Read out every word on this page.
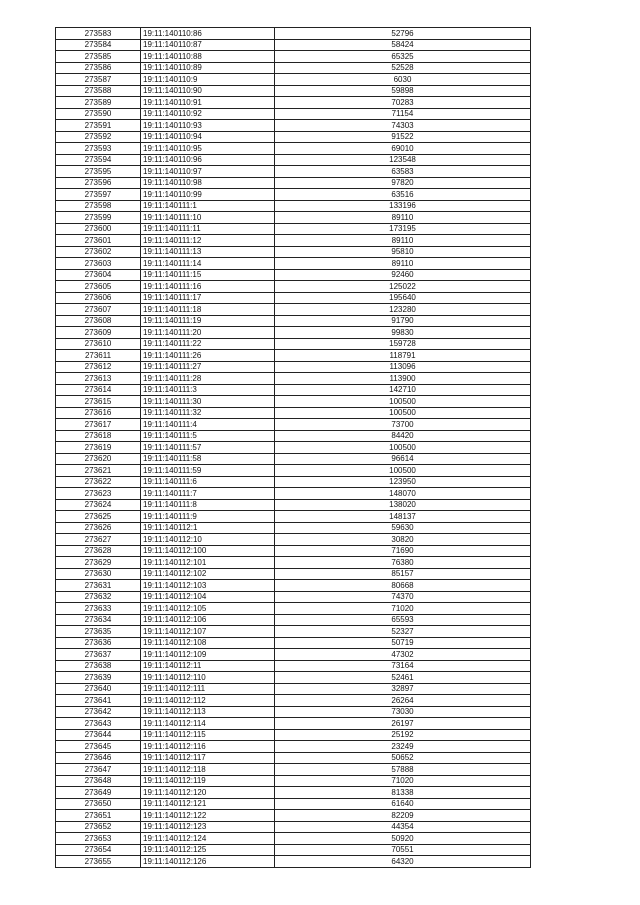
273583	19:11:140110:86	52796
273584	19:11:140110:87	58424
273585	19:11:140110:88	65325
273586	19:11:140110:89	52528
273587	19:11:140110:9	6030
273588	19:11:140110:90	59898
273589	19:11:140110:91	70283
273590	19:11:140110:92	71154
273591	19:11:140110:93	74303
273592	19:11:140110:94	91522
273593	19:11:140110:95	69010
273594	19:11:140110:96	123548
273595	19:11:140110:97	63583
273596	19:11:140110:98	97820
273597	19:11:140110:99	63516
273598	19:11:140111:1	133196
273599	19:11:140111:10	89110
273600	19:11:140111:11	173195
273601	19:11:140111:12	89110
273602	19:11:140111:13	95810
273603	19:11:140111:14	89110
273604	19:11:140111:15	92460
273605	19:11:140111:16	125022
273606	19:11:140111:17	195640
273607	19:11:140111:18	123280
273608	19:11:140111:19	91790
273609	19:11:140111:20	99830
273610	19:11:140111:22	159728
273611	19:11:140111:26	118791
273612	19:11:140111:27	113096
273613	19:11:140111:28	113900
273614	19:11:140111:3	142710
273615	19:11:140111:30	100500
273616	19:11:140111:32	100500
273617	19:11:140111:4	73700
273618	19:11:140111:5	84420
273619	19:11:140111:57	100500
273620	19:11:140111:58	96614
273621	19:11:140111:59	100500
273622	19:11:140111:6	123950
273623	19:11:140111:7	148070
273624	19:11:140111:8	138020
273625	19:11:140111:9	148137
273626	19:11:140112:1	59630
273627	19:11:140112:10	30820
273628	19:11:140112:100	71690
273629	19:11:140112:101	76380
273630	19:11:140112:102	85157
273631	19:11:140112:103	80668
273632	19:11:140112:104	74370
273633	19:11:140112:105	71020
273634	19:11:140112:106	65593
273635	19:11:140112:107	52327
273636	19:11:140112:108	50719
273637	19:11:140112:109	47302
273638	19:11:140112:11	73164
273639	19:11:140112:110	52461
273640	19:11:140112:111	32897
273641	19:11:140112:112	26264
273642	19:11:140112:113	73030
273643	19:11:140112:114	26197
273644	19:11:140112:115	25192
273645	19:11:140112:116	23249
273646	19:11:140112:117	50652
273647	19:11:140112:118	57888
273648	19:11:140112:119	71020
273649	19:11:140112:120	81338
273650	19:11:140112:121	61640
273651	19:11:140112:122	82209
273652	19:11:140112:123	44354
273653	19:11:140112:124	50920
273654	19:11:140112:125	70551
273655	19:11:140112:126	64320
